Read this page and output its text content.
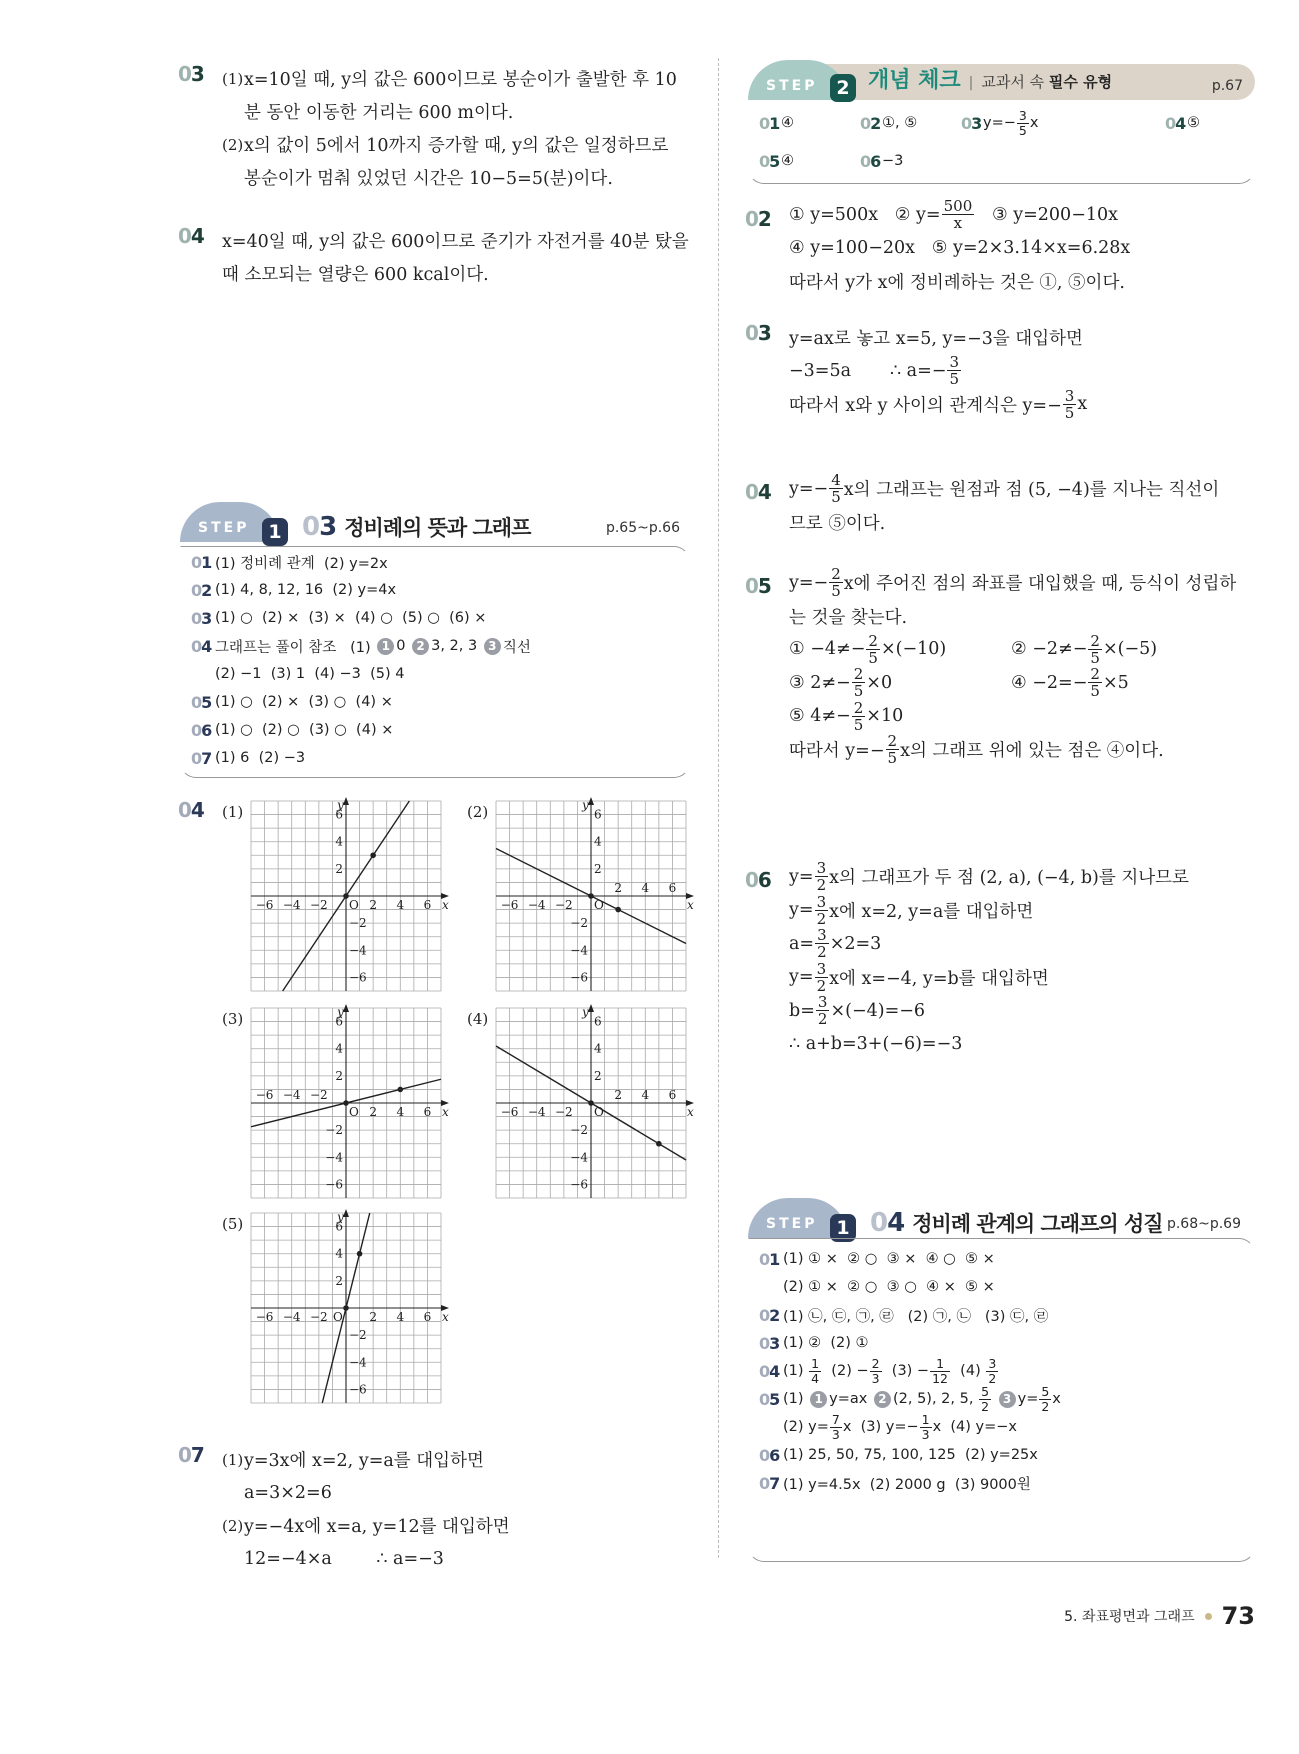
03 (1) x=10일 때, y의 값은 600이므로 봉순이가 출발한 후 10
분 동안 이동한 거리는 600 m이다.
(2) x의 값이 5에서 10까지 증가할 때, y의 값은 일정하므로
봉순이가 멈춰 있었던 시간은 10−5=5(분)이다.
04 x=40일 때, y의 값은 600이므로 준기가 자전거를 40분 탔을
때 소모되는 열량은 600 kcal이다.
STEP 1 03 정비례의 뜻과 그래프	p.65~p.66
0 1 (1) 정비례 관계  (2) y=2x
0 2 (1) 4, 8, 12, 16  (2) y=4x
0 3 (1) ○  (2) ×  (3) ×  (4) ○  (5) ○  (6) ×
0 4 그래프는 풀이 참조   (1) 1 0 2 3, 2, 3 3 직선
(2) −1  (3) 1  (4) −3  (5) 4
0 5 (1) ○  (2) ×  (3) ○  (4) ×
0 6 (1) ○  (2) ○  (3) ○  (4) ×
0 7 (1) 6  (2) −3
04 (1)
−6
−6
−4
−4
−2
−2
2
2
4
4
6
6
O	x
y	(2)
−6
−6
−4
−4
−2
−2
2
2
4
4
6
6
O	x
y
(3)
−6
−6
−4
−4
−2
−2
2
2
4
4
6
6
O	x
y	(4)
−6
−6
−4
−4
−2
−2
2
2
4
4
6
6
O	x
y
(5)
−6
−6
−4
−4
−2
−2
2
2
4
4
6
6
O	x
y
07 (1) y=3x에 x=2, y=a를 대입하면
a=3×2=6
(2) y=−4x에 x=a, y=12를 대입하면
12=−4×a        ∴ a=−3
STEP 2 개념 체크 | 교과서 속 필수 유형	p.67
0 1 ④	0 2 ①, ⑤	0 3 $y=- \frac{3}{5}$ x	0 4 ⑤
0 5 ④	0 6 −3
02 ① y=500x   ② $y= \frac{500}{x}$ ③ y=200−10x
④ y=100−20x   ⑤ y=2×3.14×x=6.28x
따라서 y가 x에 정비례하는 것은 ①, ⑤이다.
03 y=ax로 놓고 x=5, y=−3을 대입하면
−3=5a       ∴ $a=- \frac{3}{5}$
따라서 x와 y 사이의 관계식은 $y=- \frac{3}{5}$ x
04 $y=- \frac{4}{5}$ x의 그래프는 원점과 점 (5, −4)를 지나는 직선이
므로 ⑤이다.
05 $y=- \frac{2}{5}$ x에 주어진 점의 좌표를 대입했을 때, 등식이 성립하
는 것을 찾는다.
① $-4\ne- \frac{2}{5} \times(-10)$	② $-2\ne- \frac{2}{5} \times(-5)$
③ $2\ne- \frac{2}{5} \times 0$	④ $-2=- \frac{2}{5} \times 5$
⑤ $4\ne- \frac{2}{5} \times 10$
따라서 $y=- \frac{2}{5}$ x의 그래프 위에 있는 점은 ④이다.
06 $y= \frac{3}{2}$ x의 그래프가 두 점 (2, a), (−4, b)를 지나므로
$y= \frac{3}{2}$ x에 x=2, y=a를 대입하면
$a= \frac{3}{2} \times 2=3$
$y= \frac{3}{2}$ x에 x=−4, y=b를 대입하면
$b= \frac{3}{2} \times(-4)=-6$
∴ a+b=3+(−6)=−3
STEP 1 04 정비례 관계의 그래프의 성질 p.68~p.69
0 1 (1) ① ×  ② ○  ③ ×  ④ ○  ⑤ ×
(2) ① ×  ② ○  ③ ○  ④ ×  ⑤ ×
0 2 (1) ㉡, ㉢, ㉠, ㉣   (2) ㉠, ㉡   (3) ㉢, ㉣
0 3 (1) ②  (2) ①
0 4 $(1) \frac{1}{4} (2) - \frac{2}{3} (3) - \frac{1}{12} (4) \frac{3}{2}$
0 5 (1) 1 y=ax 2 (2, 5), 2, 5, $\frac{5}{2}$
3 $y= \frac{5}{2}$ x
(2) $y= \frac{7}{3}$ x  (3) $y=- \frac{1}{3}$ x  (4) y=−x
0 6 (1) 25, 50, 75, 100, 125  (2) y=25x
0 7 (1) y=4.5x  (2) 2000 g  (3) 9000원
5. 좌표평면과 그래프 73
